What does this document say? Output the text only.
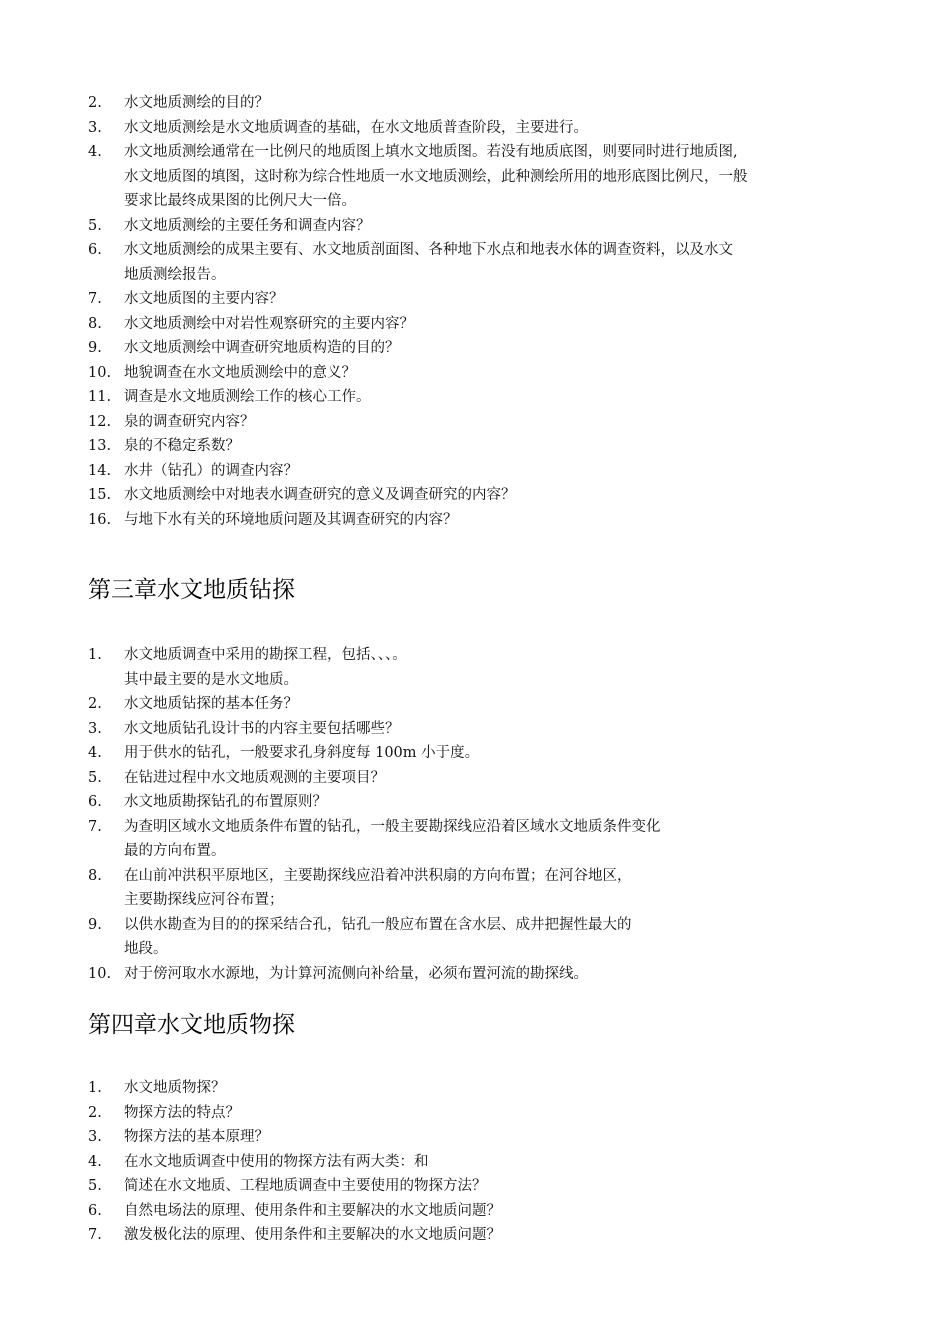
2. 水文地质测绘的目的？
3. 水文地质测绘是水文地质调查的基础，在水文地质普查阶段，主要进行。
4. 水文地质测绘通常在一比例尺的地质图上填水文地质图。若没有地质底图，则要同时进行地质图,
水文地质图的填图，这时称为综合性地质一水文地质测绘，此种测绘所用的地形底图比例尺，一般
要求比最终成果图的比例尺大一倍。
5. 水文地质测绘的主要任务和调查内容？
6. 水文地质测绘的成果主要有、水文地质剖面图、各种地下水点和地表水体的调查资料，以及水文
地质测绘报告。
7. 水文地质图的主要内容？
8. 水文地质测绘中对岩性观察研究的主要内容？
9. 水文地质测绘中调查研究地质构造的目的？
10. 地貌调查在水文地质测绘中的意义？
11. 调查是水文地质测绘工作的核心工作。
12. 泉的调查研究内容？
13. 泉的不稳定系数？
14. 水井（钻孔）的调查内容？
15. 水文地质测绘中对地表水调查研究的意义及调查研究的内容？
16. 与地下水有关的环境地质问题及其调查研究的内容？
第三章水文地质钻探
1. 水文地质调查中采用的勘探工程，包括、、、。
其中最主要的是水文地质。
2. 水文地质钻探的基本任务？
3. 水文地质钻孔设计书的内容主要包括哪些？
4. 用于供水的钻孔，一般要求孔身斜度每 100m 小于度。
5. 在钻进过程中水文地质观测的主要项目？
6. 水文地质勘探钻孔的布置原则？
7. 为查明区域水文地质条件布置的钻孔，一般主要勘探线应沿着区域水文地质条件变化
最的方向布置。
8. 在山前冲洪积平原地区，主要勘探线应沿着冲洪积扇的方向布置；在河谷地区，
主要勘探线应河谷布置；
9. 以供水勘查为目的的探采结合孔，钻孔一般应布置在含水层、成井把握性最大的
地段。
10. 对于傍河取水水源地，为计算河流侧向补给量，必须布置河流的勘探线。
第四章水文地质物探
1. 水文地质物探？
2. 物探方法的特点？
3. 物探方法的基本原理？
4. 在水文地质调查中使用的物探方法有两大类：和
5. 简述在水文地质、工程地质调查中主要使用的物探方法？
6. 自然电场法的原理、使用条件和主要解决的水文地质问题？
7. 激发极化法的原理、使用条件和主要解决的水文地质问题？
